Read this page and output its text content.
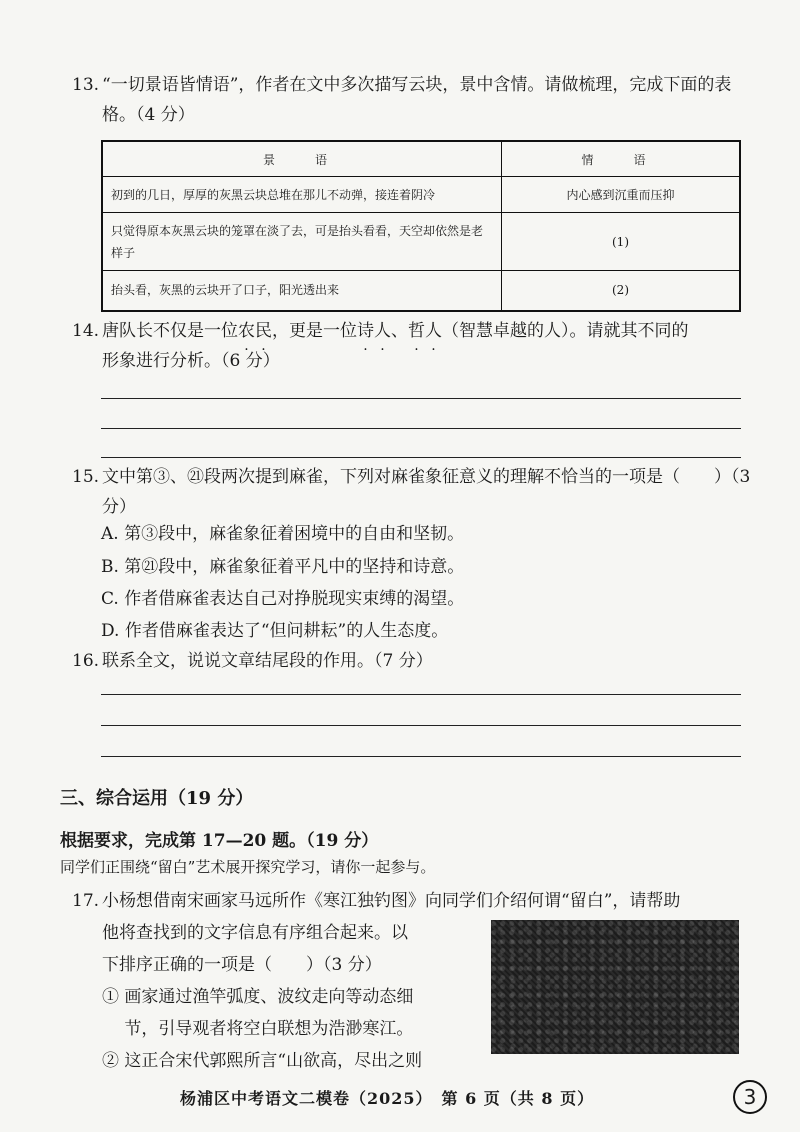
13. “一切景语皆情语”，作者在文中多次描写云块，景中含情。请做梳理，完成下面的表格。（4 分）
景　语	情　语
初到的几日，厚厚的灰黑云块总堆在那儿不动弹，接连着阴冷	内心感到沉重而压抑
只觉得原本灰黑云块的笼罩在淡了去，可是抬头看看，天空却依然是老样子	(1)
抬头看，灰黑的云块开了口子，阳光透出来	(2)
14. 唐队长不仅是一位农民，更是一位诗人、哲人（智慧卓越的人）。请就其不同的
形象进行分析。（6 分）
15. 文中第③、㉑段两次提到麻雀，下列对麻雀象征意义的理解不恰当的一项是（　　）（3 分）
A. 第③段中，麻雀象征着困境中的自由和坚韧。
B. 第㉑段中，麻雀象征着平凡中的坚持和诗意。
C. 作者借麻雀表达自己对挣脱现实束缚的渴望。
D. 作者借麻雀表达了“但问耕耘”的人生态度。
16. 联系全文，说说文章结尾段的作用。（7 分）
三、综合运用（19 分）
根据要求，完成第 17—20 题。（19 分）
同学们正围绕“留白”艺术展开探究学习，请你一起参与。
17. 小杨想借南宋画家马远所作《寒江独钓图》向同学们介绍何谓“留白”，请帮助
他将查找到的文字信息有序组合起来。以
下排序正确的一项是（　　）（3 分）
① 画家通过渔竿弧度、波纹走向等动态细
　 节，引导观者将空白联想为浩渺寒江。
② 这正合宋代郭熙所言“山欲高，尽出之则
杨浦区中考语文二模卷（2025）　第 6 页（共 8 页）	3
